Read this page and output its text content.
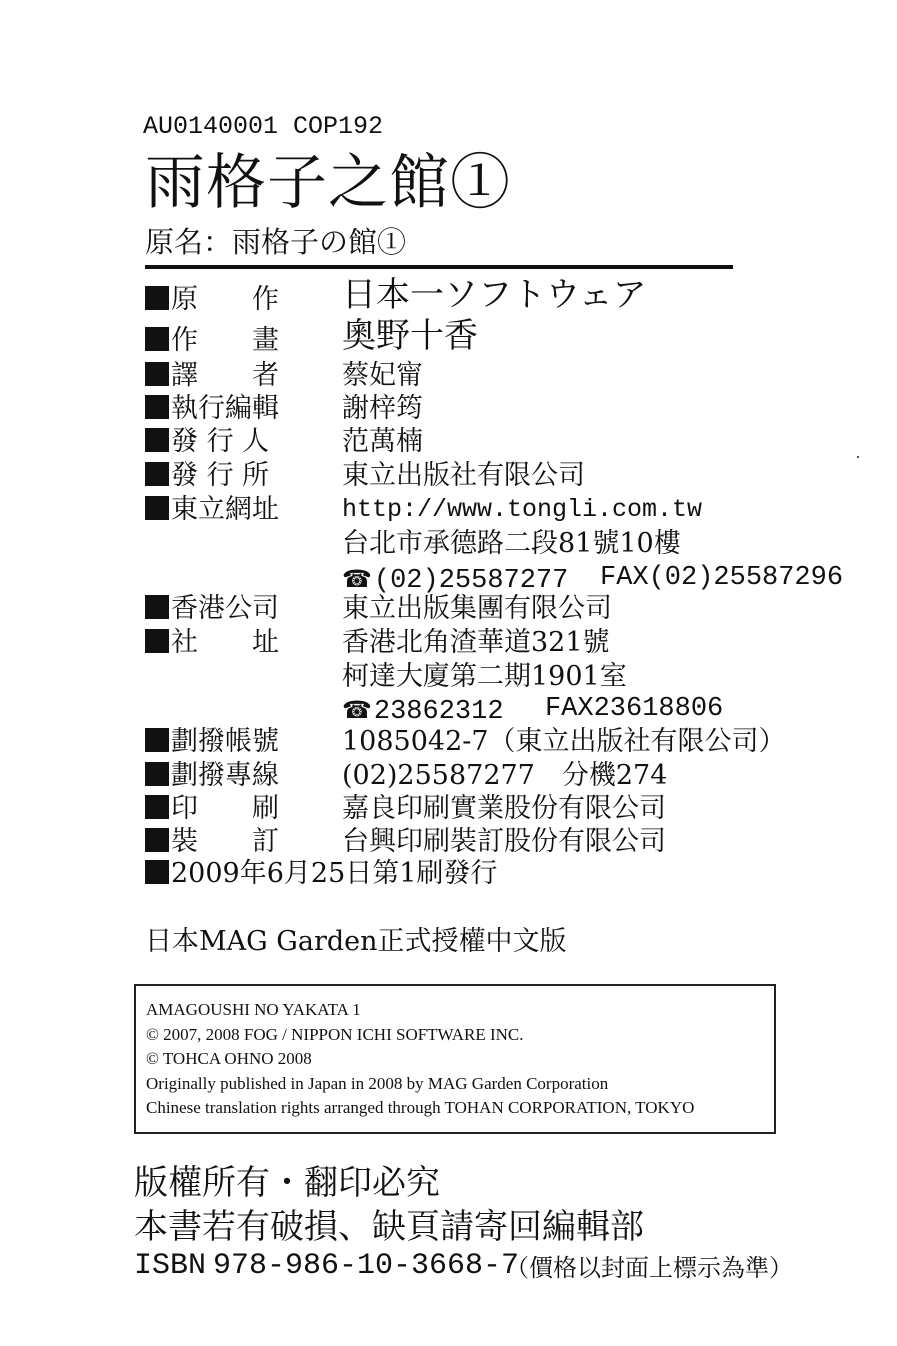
AU0140001 COP192
雨格子之館①
原名：雨格子の館①
原　　作 日本一ソフトウェア
作　　畫 奧野十香
譯　　者 蔡妃甯
執行編輯 謝梓筠
發 行 人	范萬楠
發 行 所	東立出版社有限公司
東立網址	http://www.tongli.com.tw
台北市承德路二段81號10樓
☎(02)25587277 FAX(02)25587296
香港公司 東立出版集團有限公司
社　　址 香港北角渣華道321號
柯達大廈第二期1901室
☎23862312 FAX23618806
劃撥帳號 1085042-7（東立出版社有限公司）
劃撥專線 (02)25587277　分機274
印　　刷 嘉良印刷實業股份有限公司
裝　　訂 台興印刷裝訂股份有限公司
2009年6月25日第1刷發行
日本MAG Garden正式授權中文版
AMAGOUSHI NO YAKATA 1
© 2007, 2008 FOG / NIPPON ICHI SOFTWARE INC.
© TOHCA OHNO 2008
Originally published in Japan in 2008 by MAG Garden Corporation
Chinese translation rights arranged through TOHAN CORPORATION, TOKYO
版權所有・翻印必究
本書若有破損、缺頁請寄回編輯部
ISBN 978-986-10-3668-7
（價格以封面上標示為準）
